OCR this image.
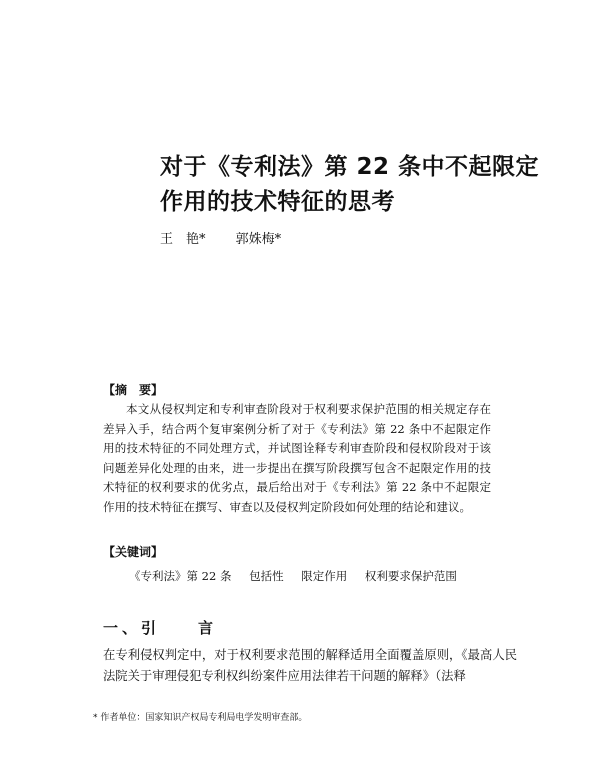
对于《专利法》第 22 条中不起限定
作用的技术特征的思考
王　艳* 郭姝梅*
【摘　要】

本文从侵权判定和专利审查阶段对于权利要求保护范围的相关规定存在差异入手，结合两个复审案例分析了对于《专利法》第 22 条中不起限定作用的技术特征的不同处理方式，并试图诠释专利审查阶段和侵权阶段对于该问题差异化处理的由来，进一步提出在撰写阶段撰写包含不起限定作用的技术特征的权利要求的优劣点，最后给出对于《专利法》第 22 条中不起限定作用的技术特征在撰写、审查以及侵权判定阶段如何处理的结论和建议。

【关键词】
《专利法》第 22 条 包括性 限定作用 权利要求保护范围
一、引　　言

在专利侵权判定中，对于权利要求范围的解释适用全面覆盖原则，《最高人民法院关于审理侵犯专利权纠纷案件应用法律若干问题的解释》（法释

* 作者单位：国家知识产权局专利局电学发明审查部。
